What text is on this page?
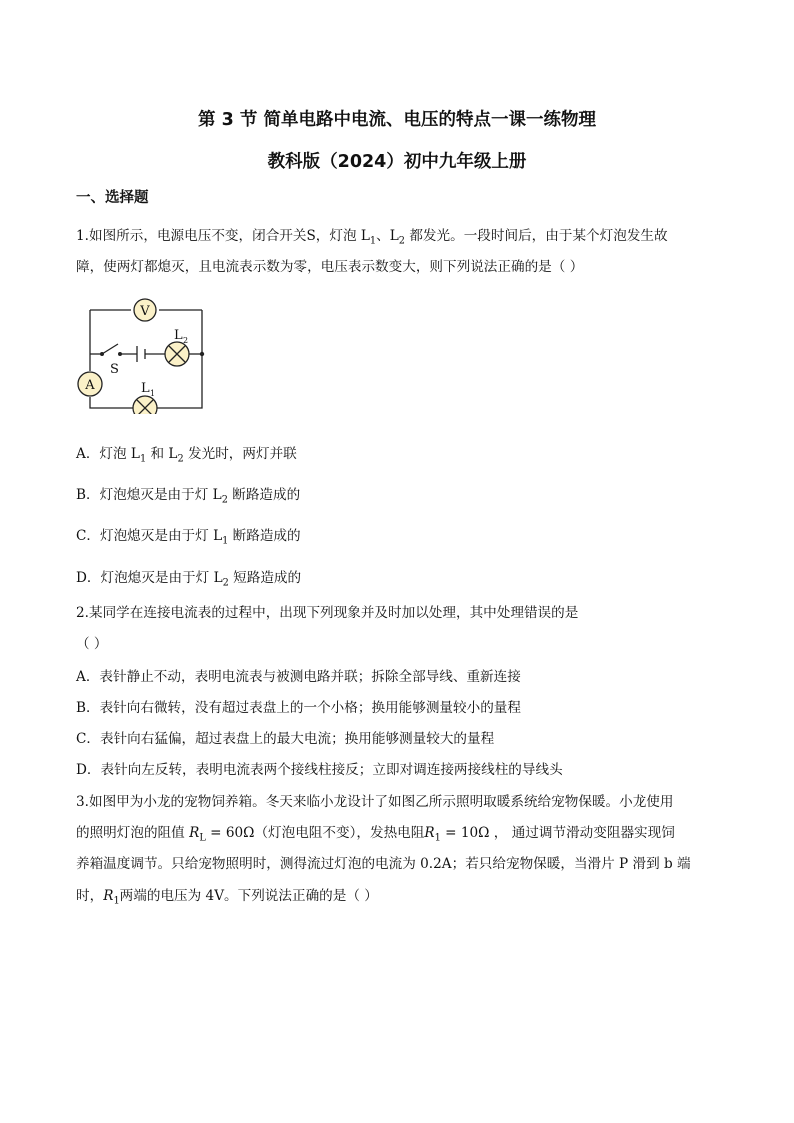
第 3 节 简单电路中电流、电压的特点一课一练物理
教科版（2024）初中九年级上册
一、选择题
1.如图所示，电源电压不变，闭合开关S，灯泡 $L_1$、$L_2$ 都发光。一段时间后，由于某个灯泡发生故
障，使两灯都熄灭，且电流表示数为零，电压表示数变大，则下列说法正确的是（ ）
V
A
L 2
L 1
S
A．灯泡 $L_1$ 和 $L_2$ 发光时，两灯并联
B．灯泡熄灭是由于灯 $L_2$ 断路造成的
C．灯泡熄灭是由于灯 $L_1$ 断路造成的
D．灯泡熄灭是由于灯 $L_2$ 短路造成的
2.某同学在连接电流表的过程中，出现下列现象并及时加以处理，其中处理错误的是
（ ）
A．表针静止不动，表明电流表与被测电路并联；拆除全部导线、重新连接
B．表针向右微转，没有超过表盘上的一个小格；换用能够测量较小的量程
C．表针向右猛偏，超过表盘上的最大电流；换用能够测量较大的量程
D．表针向左反转，表明电流表两个接线柱接反；立即对调连接两接线柱的导线头
3.如图甲为小龙的宠物饲养箱。冬天来临小龙设计了如图乙所示照明取暖系统给宠物保暖。小龙使用
的照明灯泡的阻值 $R_L = 60\Omega$（灯泡电阻不变），发热电阻$R_1 = 10\Omega$ ， 通过调节滑动变阻器实现饲
养箱温度调节。只给宠物照明时，测得流过灯泡的电流为 0.2A；若只给宠物保暖，当滑片 P 滑到 b 端
时，$R_1$两端的电压为 4V。下列说法正确的是（ ）
